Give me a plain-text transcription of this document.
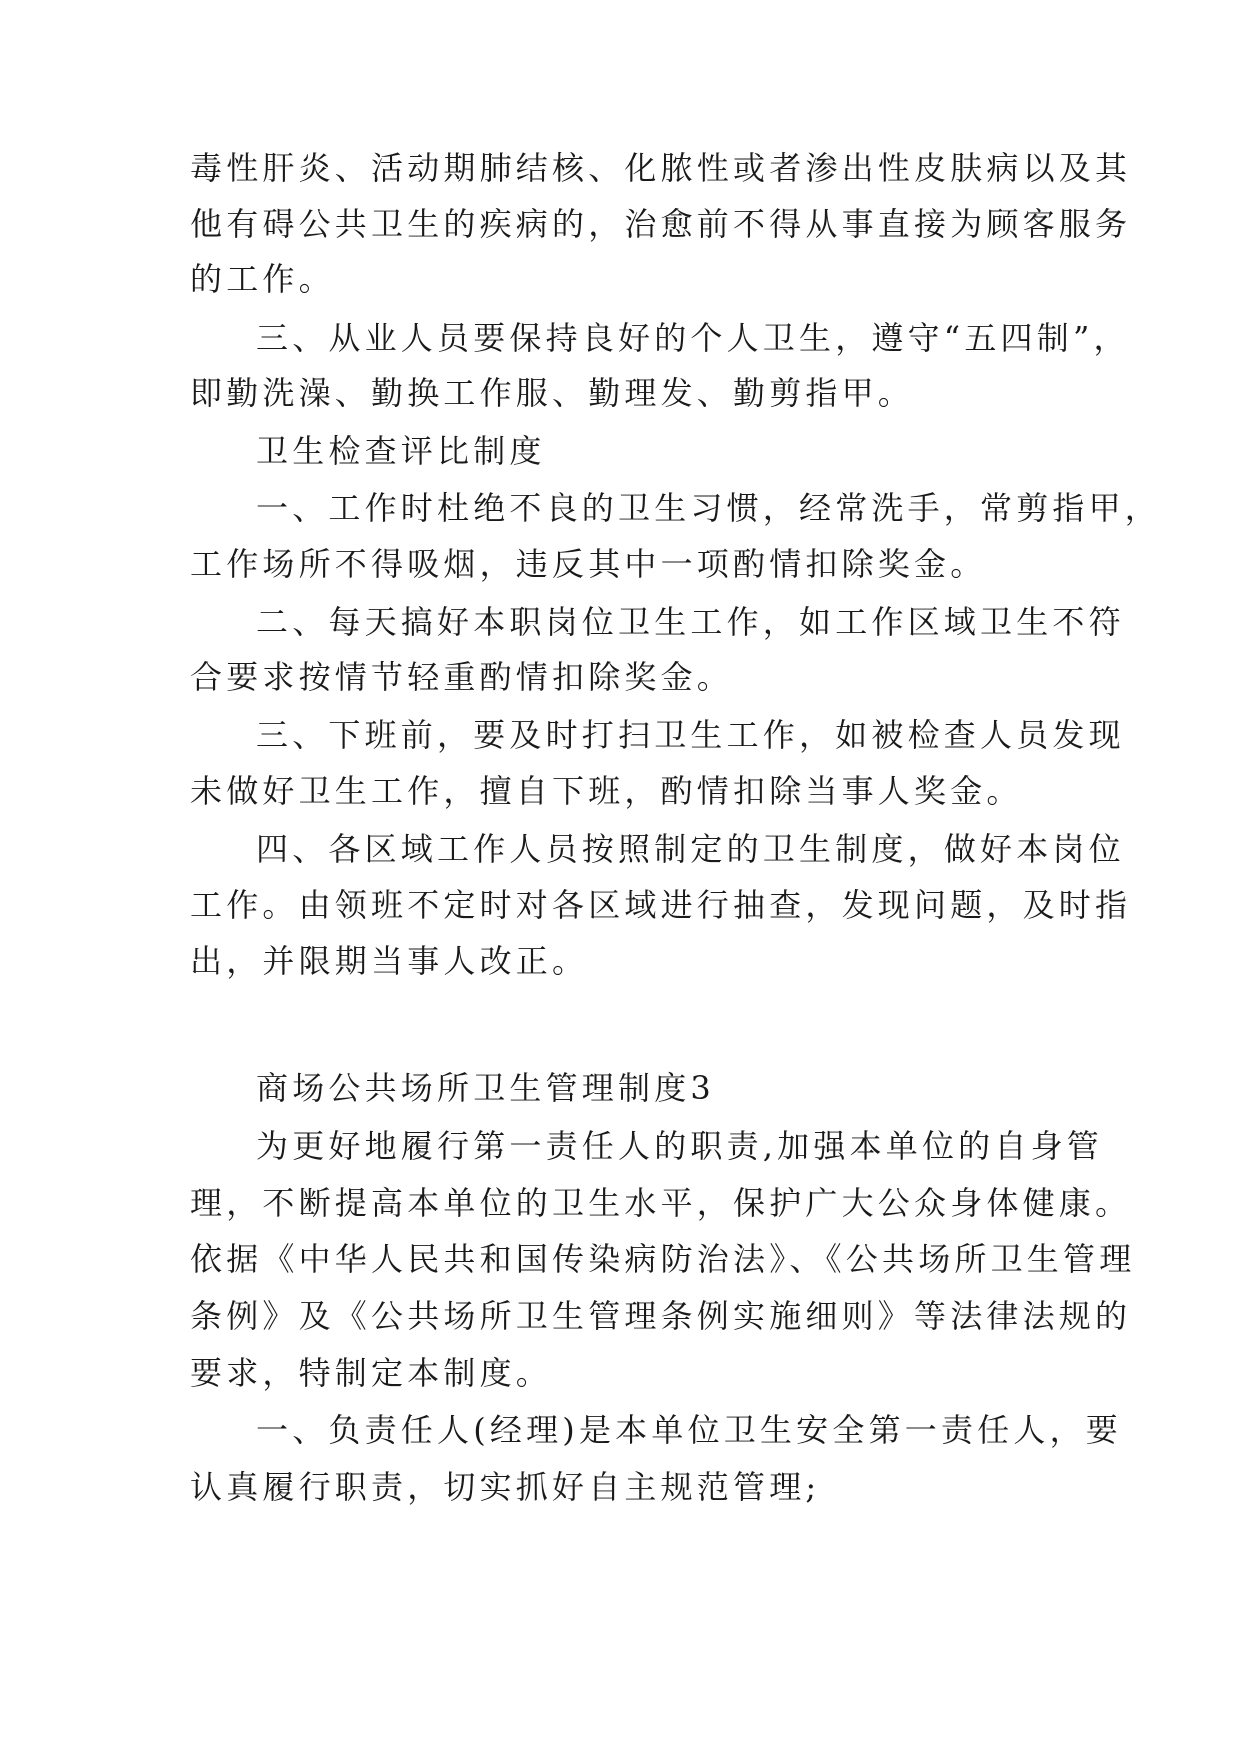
毒性肝炎、活动期肺结核、化脓性或者渗出性皮肤病以及其
他有碍公共卫生的疾病的，治愈前不得从事直接为顾客服务
的工作。
三、从业人员要保持良好的个人卫生，遵守“五四制”，
即勤洗澡、勤换工作服、勤理发、勤剪指甲。
卫生检查评比制度
一、工作时杜绝不良的卫生习惯，经常洗手，常剪指甲，
工作场所不得吸烟，违反其中一项酌情扣除奖金。
二、每天搞好本职岗位卫生工作，如工作区域卫生不符
合要求按情节轻重酌情扣除奖金。
三、下班前，要及时打扫卫生工作，如被检查人员发现
未做好卫生工作，擅自下班，酌情扣除当事人奖金。
四、各区域工作人员按照制定的卫生制度，做好本岗位
工作。由领班不定时对各区域进行抽查，发现问题，及时指
出，并限期当事人改正。
商场公共场所卫生管理制度3
为更好地履行第一责任人的职责,加强本单位的自身管
理，不断提高本单位的卫生水平，保护广大公众身体健康。
依据《中华人民共和国传染病防治法》、《公共场所卫生管理
条例》及《公共场所卫生管理条例实施细则》等法律法规的
要求，特制定本制度。
一、负责任人(经理)是本单位卫生安全第一责任人，要
认真履行职责，切实抓好自主规范管理;
